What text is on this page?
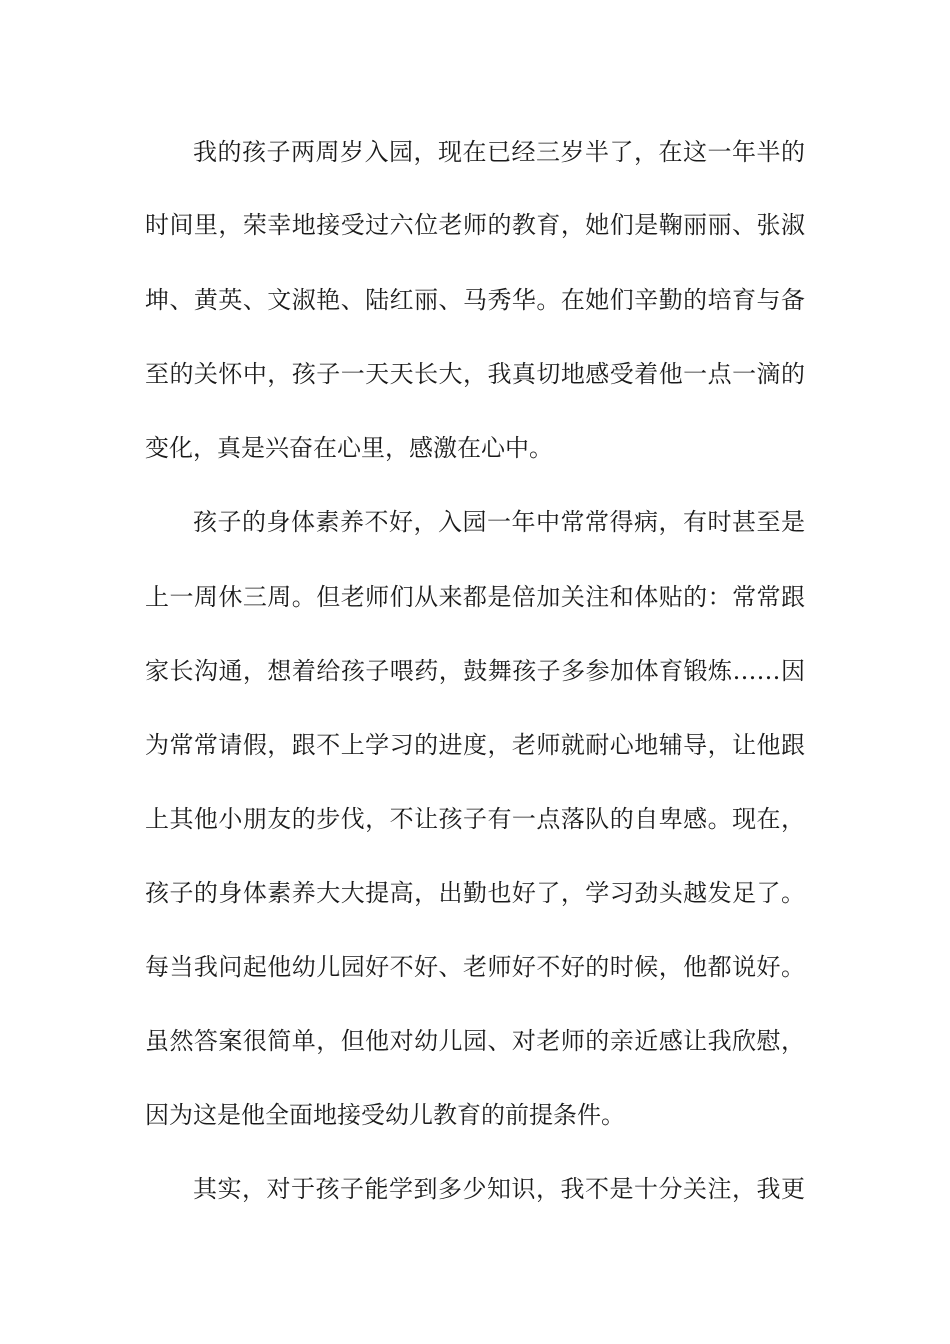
我的孩子两周岁入园，现在已经三岁半了，在这一年半的
时间里，荣幸地接受过六位老师的教育，她们是鞠丽丽、张淑
坤、黄英、文淑艳、陆红丽、马秀华。在她们辛勤的培育与备
至的关怀中，孩子一天天长大，我真切地感受着他一点一滴的
变化，真是兴奋在心里，感激在心中。
孩子的身体素养不好，入园一年中常常得病，有时甚至是
上一周休三周。但老师们从来都是倍加关注和体贴的：常常跟
家长沟通，想着给孩子喂药，鼓舞孩子多参加体育锻炼……因
为常常请假，跟不上学习的进度，老师就耐心地辅导，让他跟
上其他小朋友的步伐，不让孩子有一点落队的自卑感。现在，
孩子的身体素养大大提高，出勤也好了，学习劲头越发足了。
每当我问起他幼儿园好不好、老师好不好的时候，他都说好。
虽然答案很简单，但他对幼儿园、对老师的亲近感让我欣慰，
因为这是他全面地接受幼儿教育的前提条件。
其实，对于孩子能学到多少知识，我不是十分关注，我更
